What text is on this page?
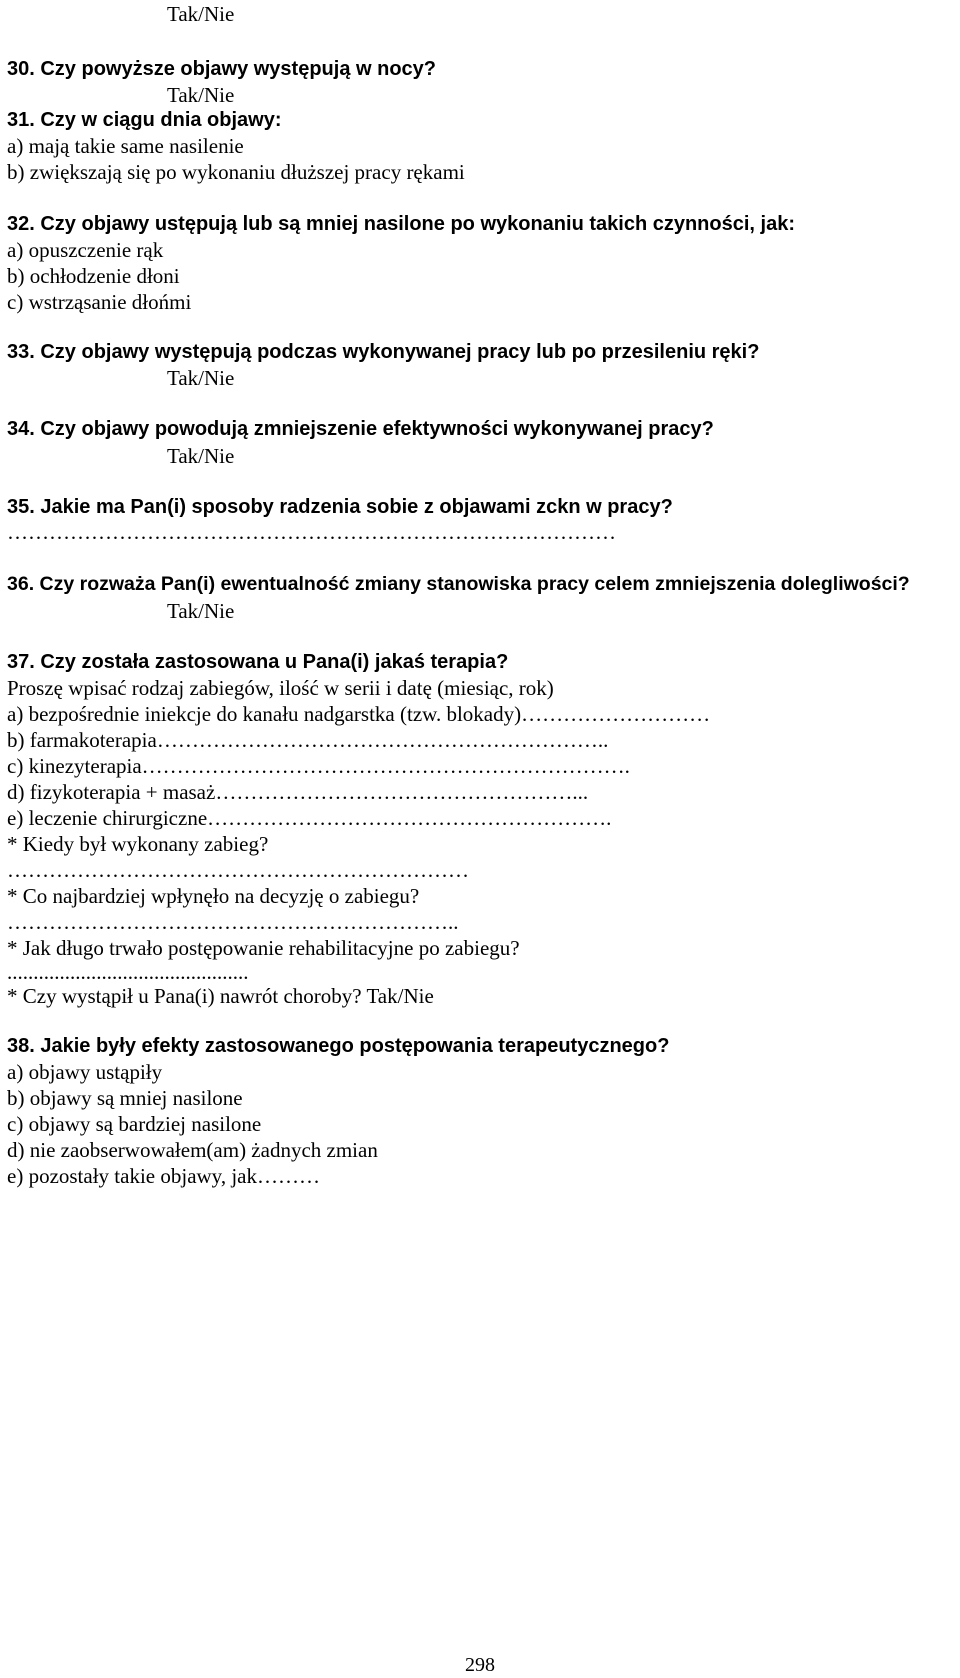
Tak/Nie
30. Czy powyższe objawy występują w nocy?
Tak/Nie
31. Czy w ciągu dnia objawy:
a) mają takie same nasilenie
b) zwiększają się po wykonaniu dłuższej pracy rękami
32. Czy objawy ustępują lub są mniej nasilone po wykonaniu takich czynności, jak:
a) opuszczenie rąk
b) ochłodzenie dłoni
c) wstrząsanie dłońmi
33. Czy objawy występują podczas wykonywanej pracy lub po przesileniu ręki?
Tak/Nie
34. Czy objawy powodują zmniejszenie efektywności wykonywanej pracy?
Tak/Nie
35. Jakie ma Pan(i) sposoby radzenia sobie z objawami zckn w pracy?
……………………………………………………………………………
36. Czy rozważa Pan(i) ewentualność zmiany stanowiska pracy celem zmniejszenia dolegliwości?
Tak/Nie
37. Czy została zastosowana u Pana(i) jakaś terapia?
Proszę wpisać rodzaj zabiegów, ilość w serii i datę (miesiąc, rok)
a) bezpośrednie iniekcje do kanału nadgarstka (tzw. blokady)………………………
b) farmakoterapia………………………………………………………..
c) kinezyterapia…………………………………………………………….
d) fizykoterapia + masaż……………………………………………...
e) leczenie chirurgiczne………………………………………………….
* Kiedy był wykonany zabieg?
…………………………………………………………
* Co najbardziej wpłynęło na decyzję o zabiegu?
………………………………………………………..
* Jak długo trwało postępowanie rehabilitacyjne po zabiegu?
..............................................
* Czy wystąpił u Pana(i) nawrót choroby? Tak/Nie
38. Jakie były efekty zastosowanego postępowania terapeutycznego?
a) objawy ustąpiły
b) objawy są mniej nasilone
c) objawy są bardziej nasilone
d) nie zaobserwowałem(am) żadnych zmian
e) pozostały takie objawy, jak………
298
